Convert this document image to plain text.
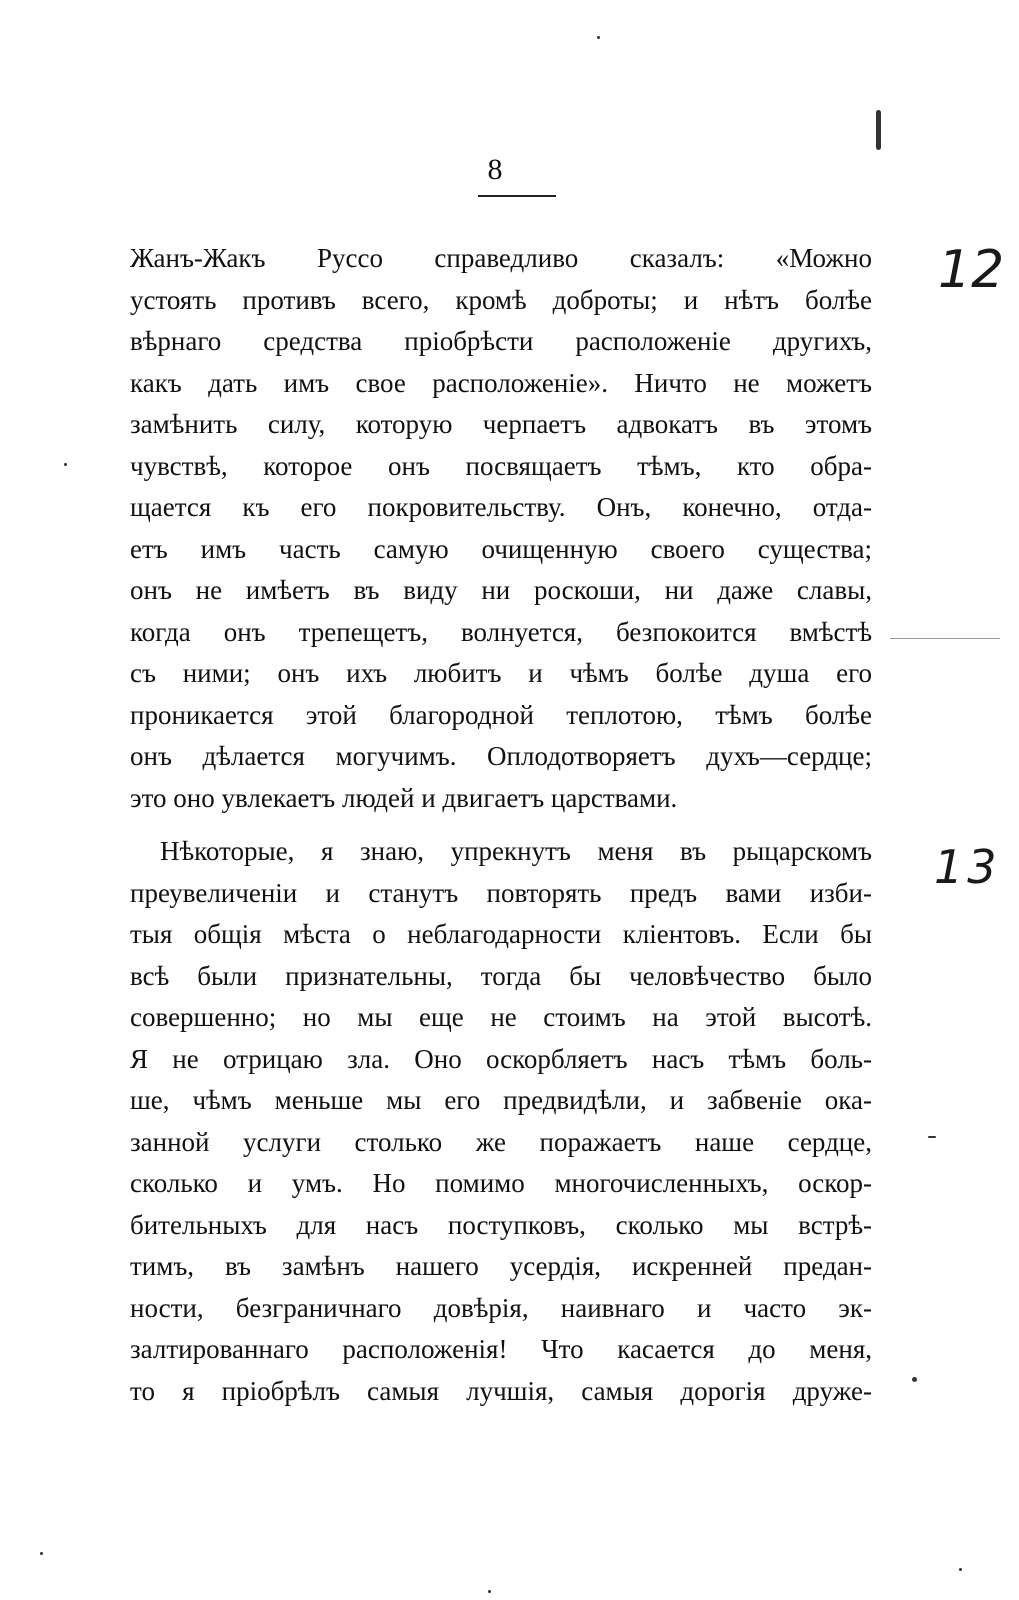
8
12
13
Жанъ-Жакъ Руссо справедливо сказалъ: «Можно
устоять противъ всего, кромѣ доброты; и нѣтъ болѣе
вѣрнаго средства пріобрѣсти расположеніе другихъ,
какъ дать имъ свое расположеніе». Ничто не можетъ
замѣнить силу, которую черпаетъ адвокатъ въ этомъ
чувствѣ, которое онъ посвящаетъ тѣмъ, кто обра-
щается къ его покровительству. Онъ, конечно, отда-
етъ имъ часть самую очищенную своего существа;
онъ не имѣетъ въ виду ни роскоши, ни даже славы,
когда онъ трепещетъ, волнуется, безпокоится вмѣстѣ
съ ними; онъ ихъ любитъ и чѣмъ болѣе душа его
проникается этой благородной теплотою, тѣмъ болѣе
онъ дѣлается могучимъ. Оплодотворяетъ духъ—сердце;
это оно увлекаетъ людей и двигаетъ царствами.
Нѣкоторые, я знаю, упрекнутъ меня въ рыцарскомъ
преувеличеніи и станутъ повторять предъ вами изби-
тыя общія мѣста о неблагодарности кліентовъ. Если бы
всѣ были признательны, тогда бы человѣчество было
совершенно; но мы еще не стоимъ на этой высотѣ.
Я не отрицаю зла. Оно оскорбляетъ насъ тѣмъ боль-
ше, чѣмъ меньше мы его предвидѣли, и забвеніе ока-
занной услуги столько же поражаетъ наше сердце,
сколько и умъ. Но помимо многочисленныхъ, оскор-
бительныхъ для насъ поступковъ, сколько мы встрѣ-
тимъ, въ замѣнъ нашего усердія, искренней предан-
ности, безграничнаго довѣрія, наивнаго и часто эк-
залтированнаго расположенія! Что касается до меня,
то я пріобрѣлъ самыя лучшія, самыя дорогія друже-
